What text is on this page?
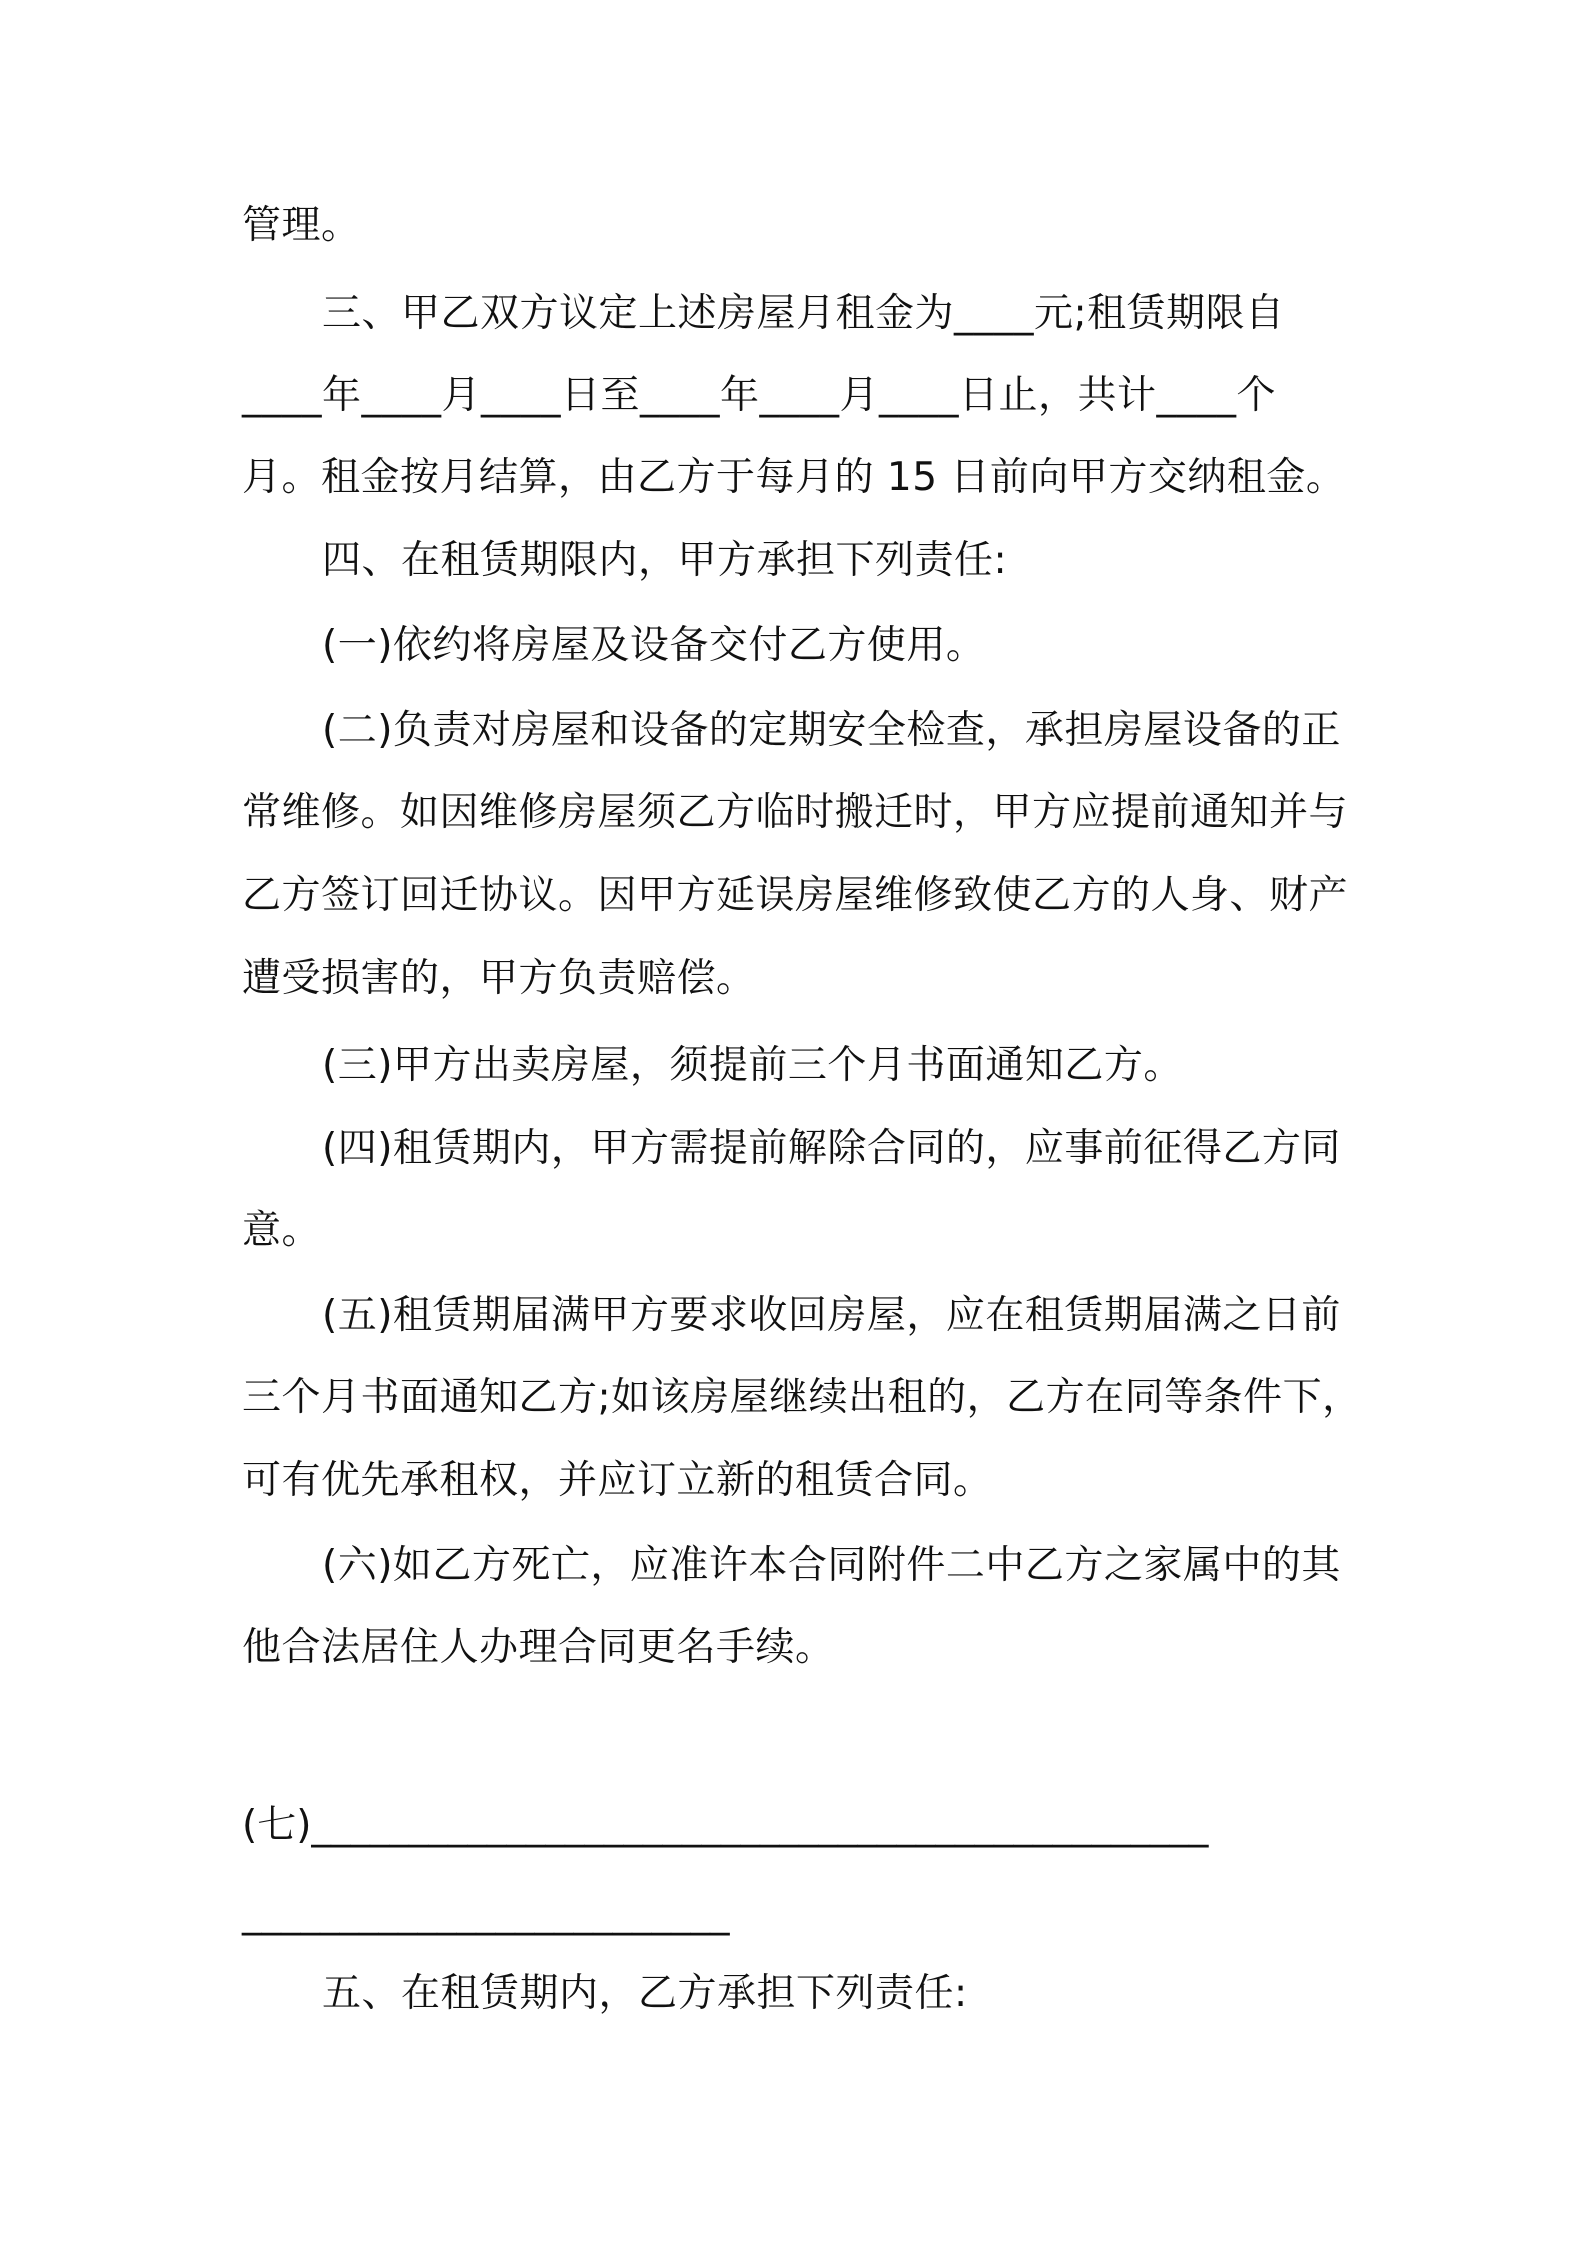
管理。
三、甲乙双方议定上述房屋月租金为____元;租赁期限自
____年____月____日至____年____月____日止，共计____个
月。租金按月结算，由乙方于每月的 15 日前向甲方交纳租金。
四、在租赁期限内，甲方承担下列责任:
(一)依约将房屋及设备交付乙方使用。
(二)负责对房屋和设备的定期安全检查，承担房屋设备的正
常维修。如因维修房屋须乙方临时搬迁时，甲方应提前通知并与
乙方签订回迁协议。因甲方延误房屋维修致使乙方的人身、财产
遭受损害的，甲方负责赔偿。
(三)甲方出卖房屋，须提前三个月书面通知乙方。
(四)租赁期内，甲方需提前解除合同的，应事前征得乙方同
意。
(五)租赁期届满甲方要求收回房屋，应在租赁期届满之日前
三个月书面通知乙方;如该房屋继续出租的，乙方在同等条件下，
可有优先承租权，并应订立新的租赁合同。
(六)如乙方死亡，应准许本合同附件二中乙方之家属中的其
他合法居住人办理合同更名手续。
(七)______________________________________________
_________________________
五、在租赁期内，乙方承担下列责任:
